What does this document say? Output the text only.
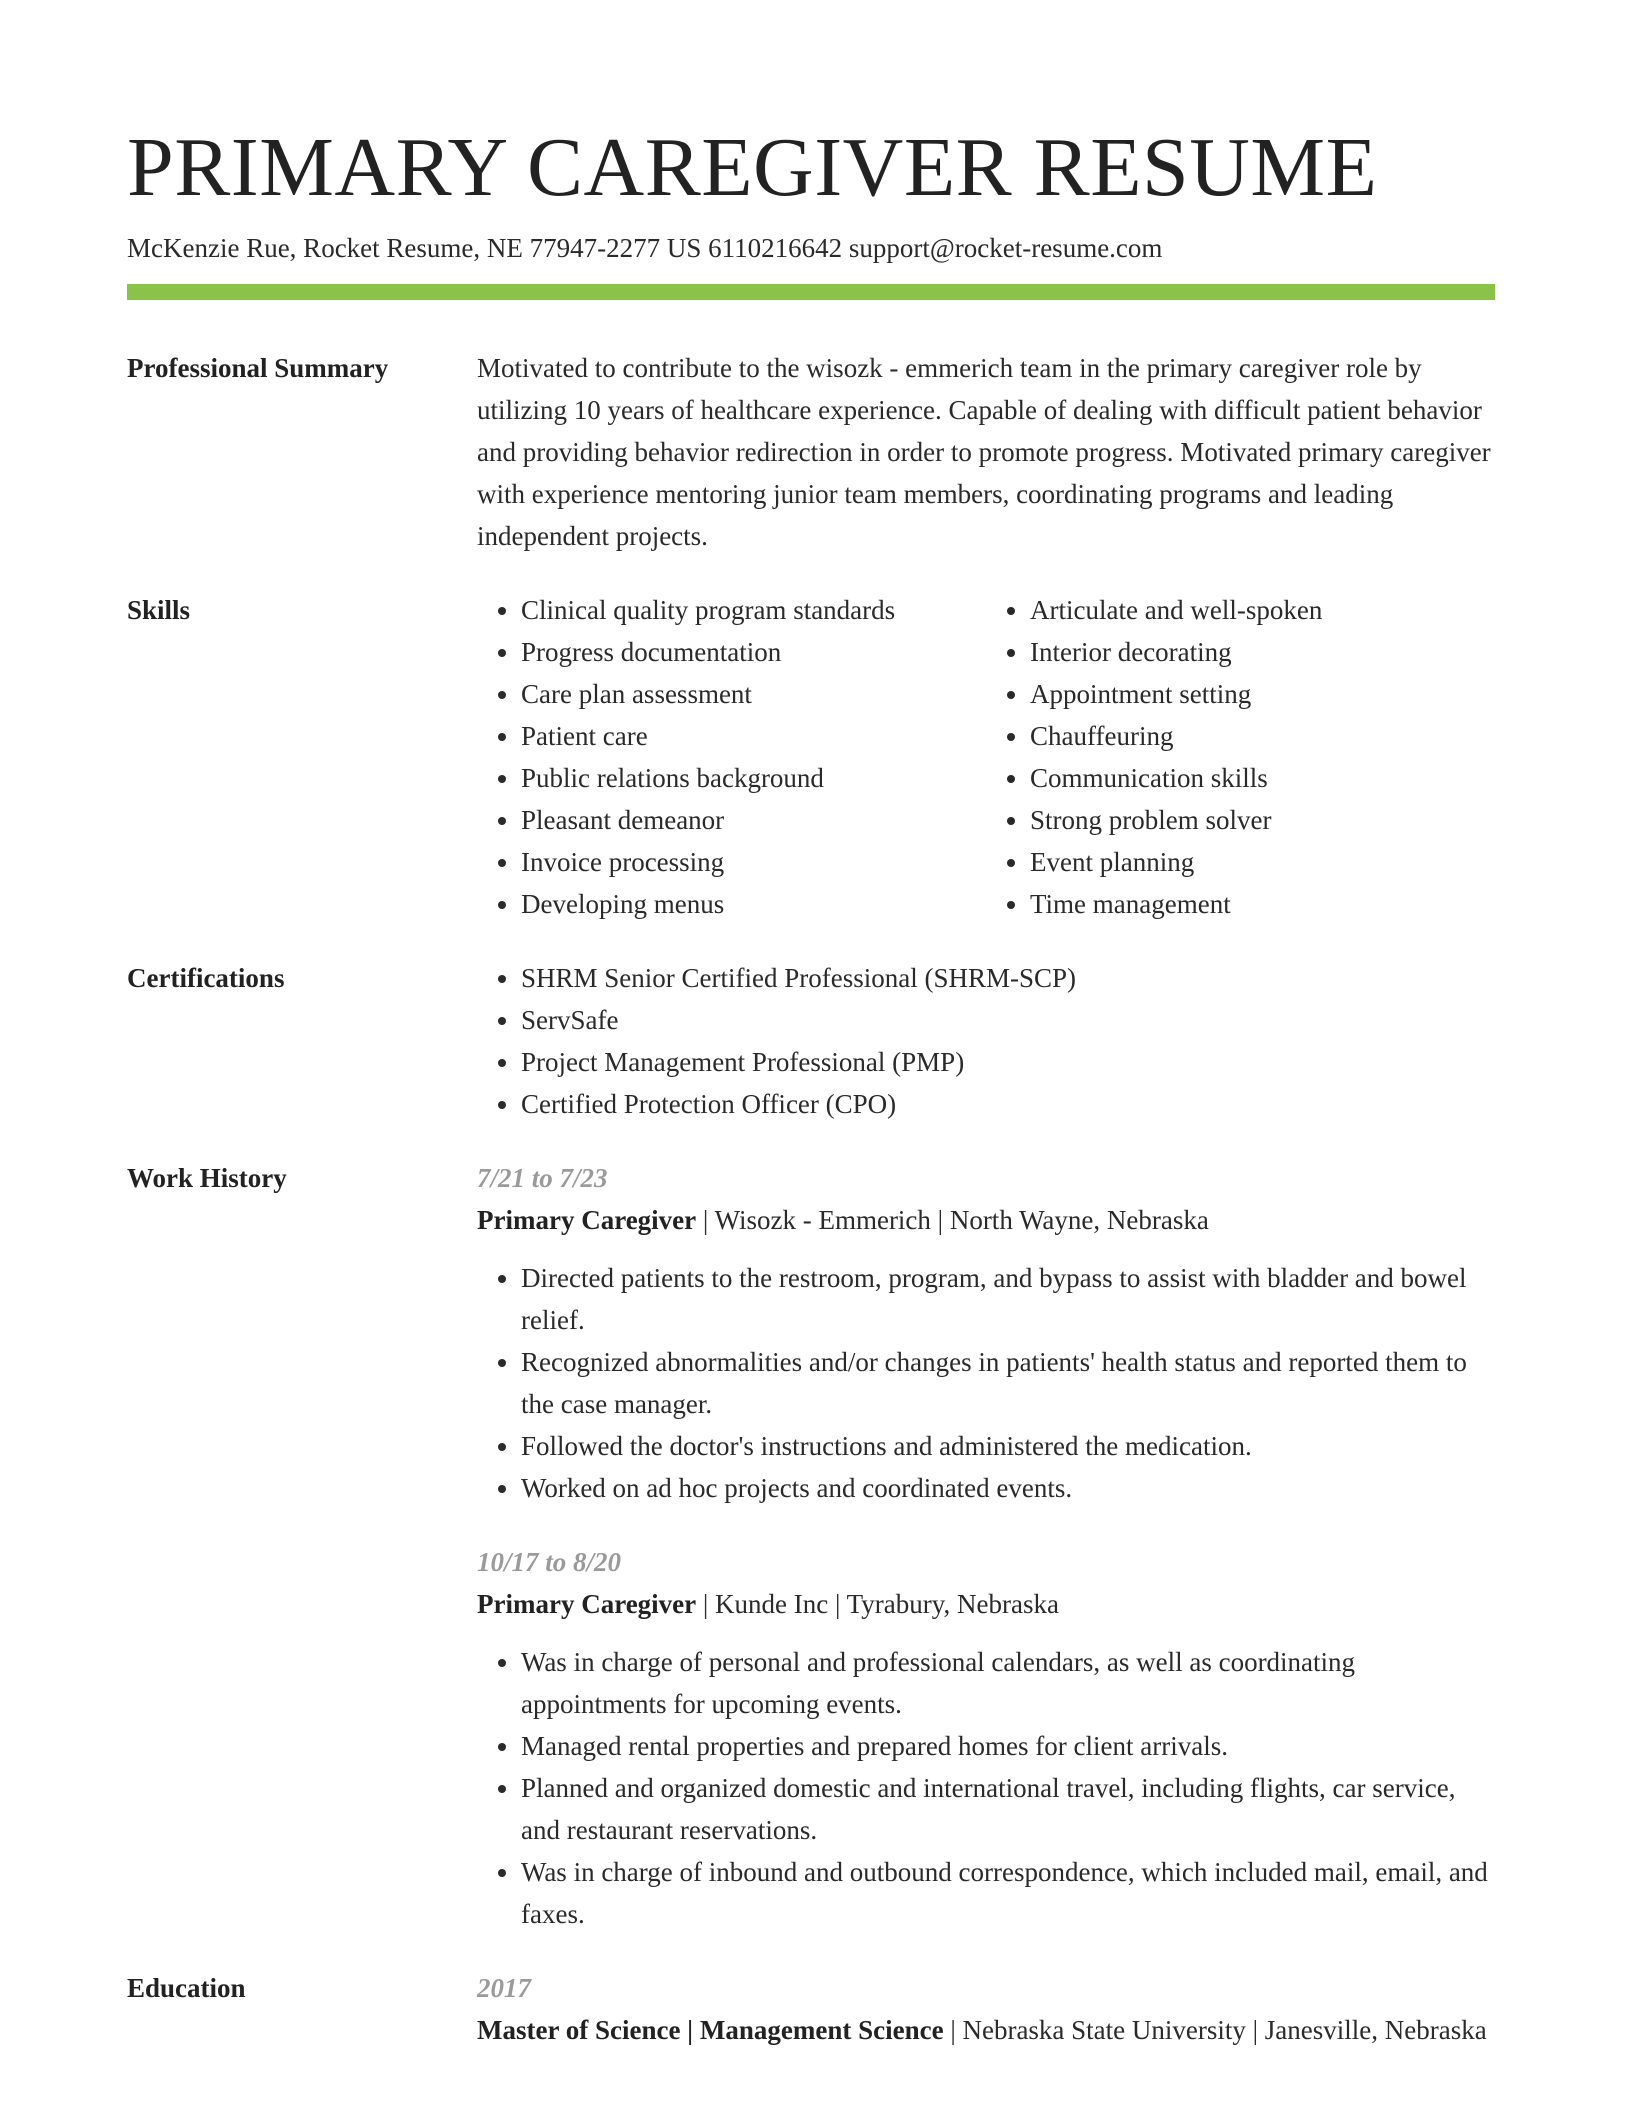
PRIMARY CAREGIVER RESUME
McKenzie Rue, Rocket Resume, NE 77947-2277 US 6110216642 support@rocket-resume.com
Professional Summary	Motivated to contribute to the wisozk - emmerich team in the primary caregiver role by utilizing 10 years of healthcare experience. Capable of dealing with difficult patient behavior and providing behavior redirection in order to promote progress. Motivated primary caregiver with experience mentoring junior team members, coordinating programs and leading independent projects.

Skills	• Clinical quality program standards
• Progress documentation
• Care plan assessment
• Patient care
• Public relations background
• Pleasant demeanor
• Invoice processing
• Developing menus
• Articulate and well-spoken
• Interior decorating
• Appointment setting
• Chauffeuring
• Communication skills
• Strong problem solver
• Event planning
• Time management
Certifications	• SHRM Senior Certified Professional (SHRM-SCP)
• ServSafe
• Project Management Professional (PMP)
• Certified Protection Officer (CPO)
Work History	7/21 to 7/23
Primary Caregiver | Wisozk - Emmerich | North Wayne, Nebraska
• Directed patients to the restroom, program, and bypass to assist with bladder and bowel relief.
• Recognized abnormalities and/or changes in patients' health status and reported them to the case manager.
• Followed the doctor's instructions and administered the medication.
• Worked on ad hoc projects and coordinated events.
10/17 to 8/20
Primary Caregiver | Kunde Inc | Tyrabury, Nebraska
• Was in charge of personal and professional calendars, as well as coordinating appointments for upcoming events.
• Managed rental properties and prepared homes for client arrivals.
• Planned and organized domestic and international travel, including flights, car service, and restaurant reservations.
• Was in charge of inbound and outbound correspondence, which included mail, email, and faxes.
Education	2017
Master of Science | Management Science | Nebraska State University | Janesville, Nebraska
